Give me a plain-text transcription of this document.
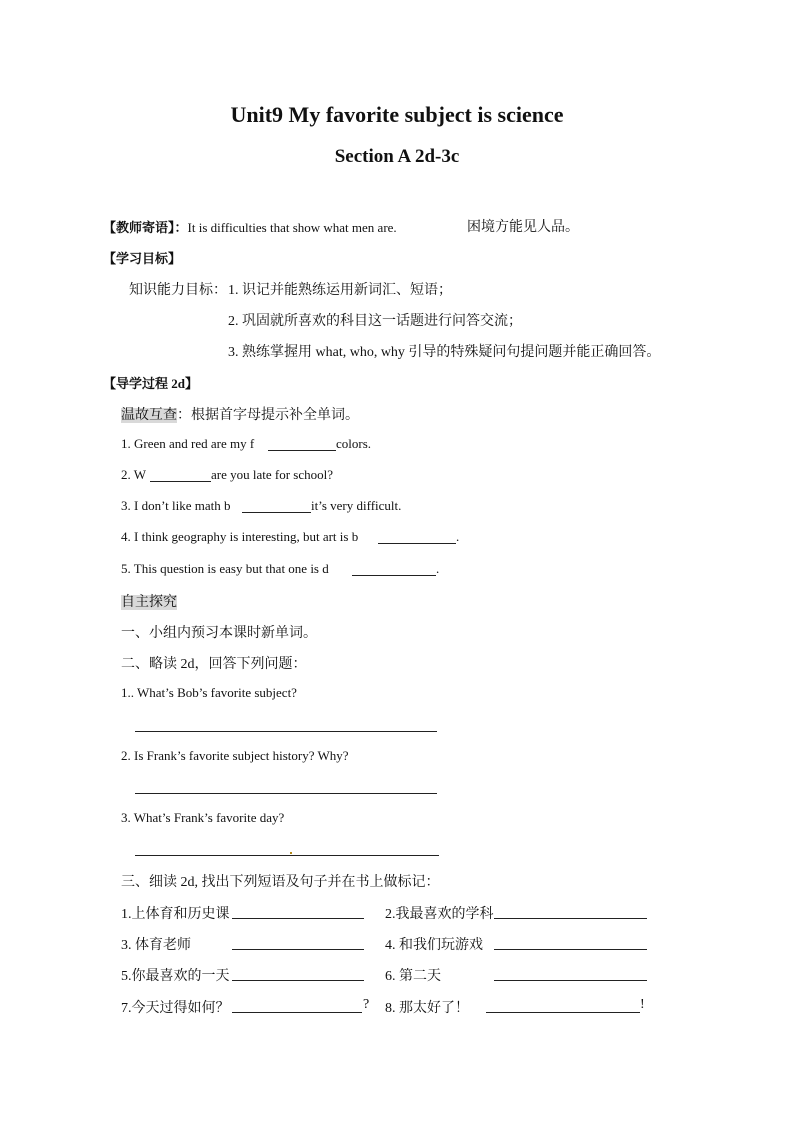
Unit9 My favorite subject is science
Section A 2d-3c
【教师寄语】：It is difficulties that show what men are.	困境方能见人品。
【学习目标】
知识能力目标： 1. 识记并能熟练运用新词汇、短语；
2. 巩固就所喜欢的科目这一话题进行问答交流；
3. 熟练掌握用 what, who, why 引导的特殊疑问句提问题并能正确回答。
【导学过程 2d】
温故互查：根据首字母提示补全单词。
1. Green and red are my f	colors.
2. W	are you late for school?
3. I don’t like math b	it’s very difficult.
4. I think geography is interesting, but art is b	.
5. This question is easy but that one is d	.
自主探究
一、小组内预习本课时新单词。
二、略读 2d，回答下列问题：
1.. What’s Bob’s favorite subject?
2. Is Frank’s favorite subject history? Why?
3. What’s Frank’s favorite day?
三、细读 2d, 找出下列短语及句子并在书上做标记：
1.上体育和历史课	2.我最喜欢的学科
3. 体育老师	4. 和我们玩游戏
5.你最喜欢的一天	6. 第二天
7.今天过得如何？	? 8. 那太好了！	!
